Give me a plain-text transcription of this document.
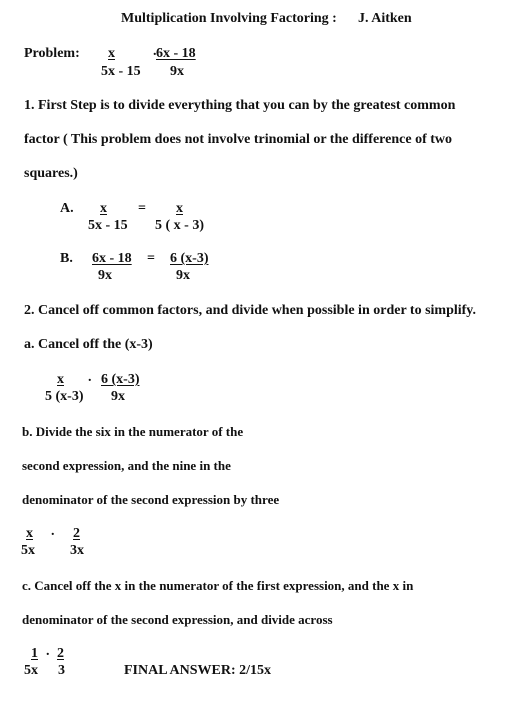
Multiplication Involving Factoring : J. Aitken
Problem: x
5x - 15
. 6x - 18
9x
1. First Step is to divide everything that you can by the greatest common
factor ( This problem does not involve trinomial or the difference of two
squares.)
A. x
5x - 15
= x
5 ( x - 3)
B. 6x - 18
9x
= 6 (x-3)
9x
2. Cancel off common factors, and divide when possible in order to simplify.
a. Cancel off the (x-3)
x
5 (x-3)
. 6 (x-3)
9x
b. Divide the six in the numerator of the
second expression, and the nine in the
denominator of the second expression by three
x
5x
. 2
3x
c. Cancel off the x in the numerator of the first expression, and the x in
denominator of the second expression, and divide across
1
5x
. 2
3	FINAL ANSWER: 2/15x
